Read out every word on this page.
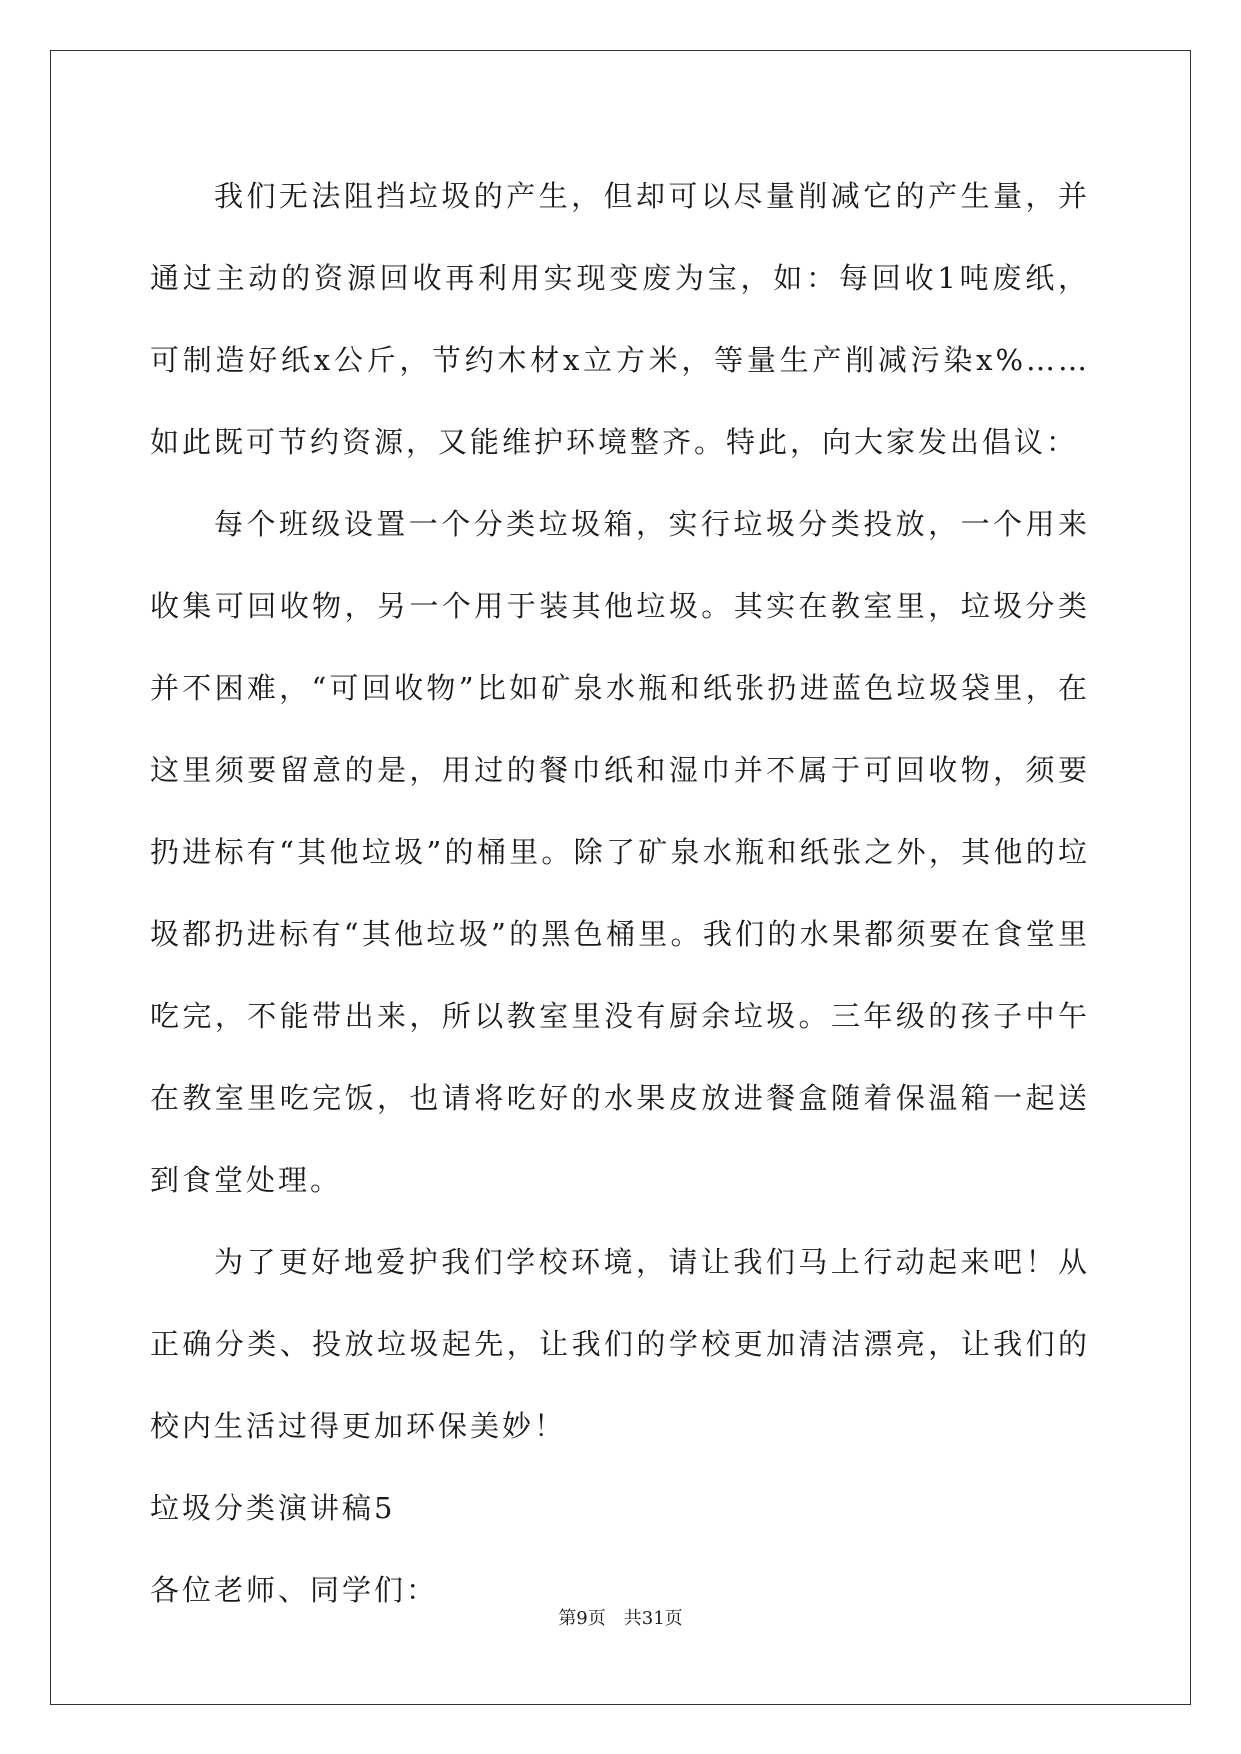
我们无法阻挡垃圾的产生，但却可以尽量削减它的产生量，并通过主动的资源回收再利用实现变废为宝，如：每回收1吨废纸，可制造好纸x公斤，节约木材x立方米，等量生产削减污染x%……如此既可节约资源，又能维护环境整齐。特此，向大家发出倡议：

每个班级设置一个分类垃圾箱，实行垃圾分类投放，一个用来收集可回收物，另一个用于装其他垃圾。其实在教室里，垃圾分类并不困难，“可回收物”比如矿泉水瓶和纸张扔进蓝色垃圾袋里，在这里须要留意的是，用过的餐巾纸和湿巾并不属于可回收物，须要扔进标有“其他垃圾”的桶里。除了矿泉水瓶和纸张之外，其他的垃圾都扔进标有“其他垃圾”的黑色桶里。我们的水果都须要在食堂里吃完，不能带出来，所以教室里没有厨余垃圾。三年级的孩子中午在教室里吃完饭，也请将吃好的水果皮放进餐盒随着保温箱一起送到食堂处理。

为了更好地爱护我们学校环境，请让我们马上行动起来吧！从正确分类、投放垃圾起先，让我们的学校更加清洁漂亮，让我们的校内生活过得更加环保美妙！

垃圾分类演讲稿5

各位老师、同学们：

第9页　共31页
